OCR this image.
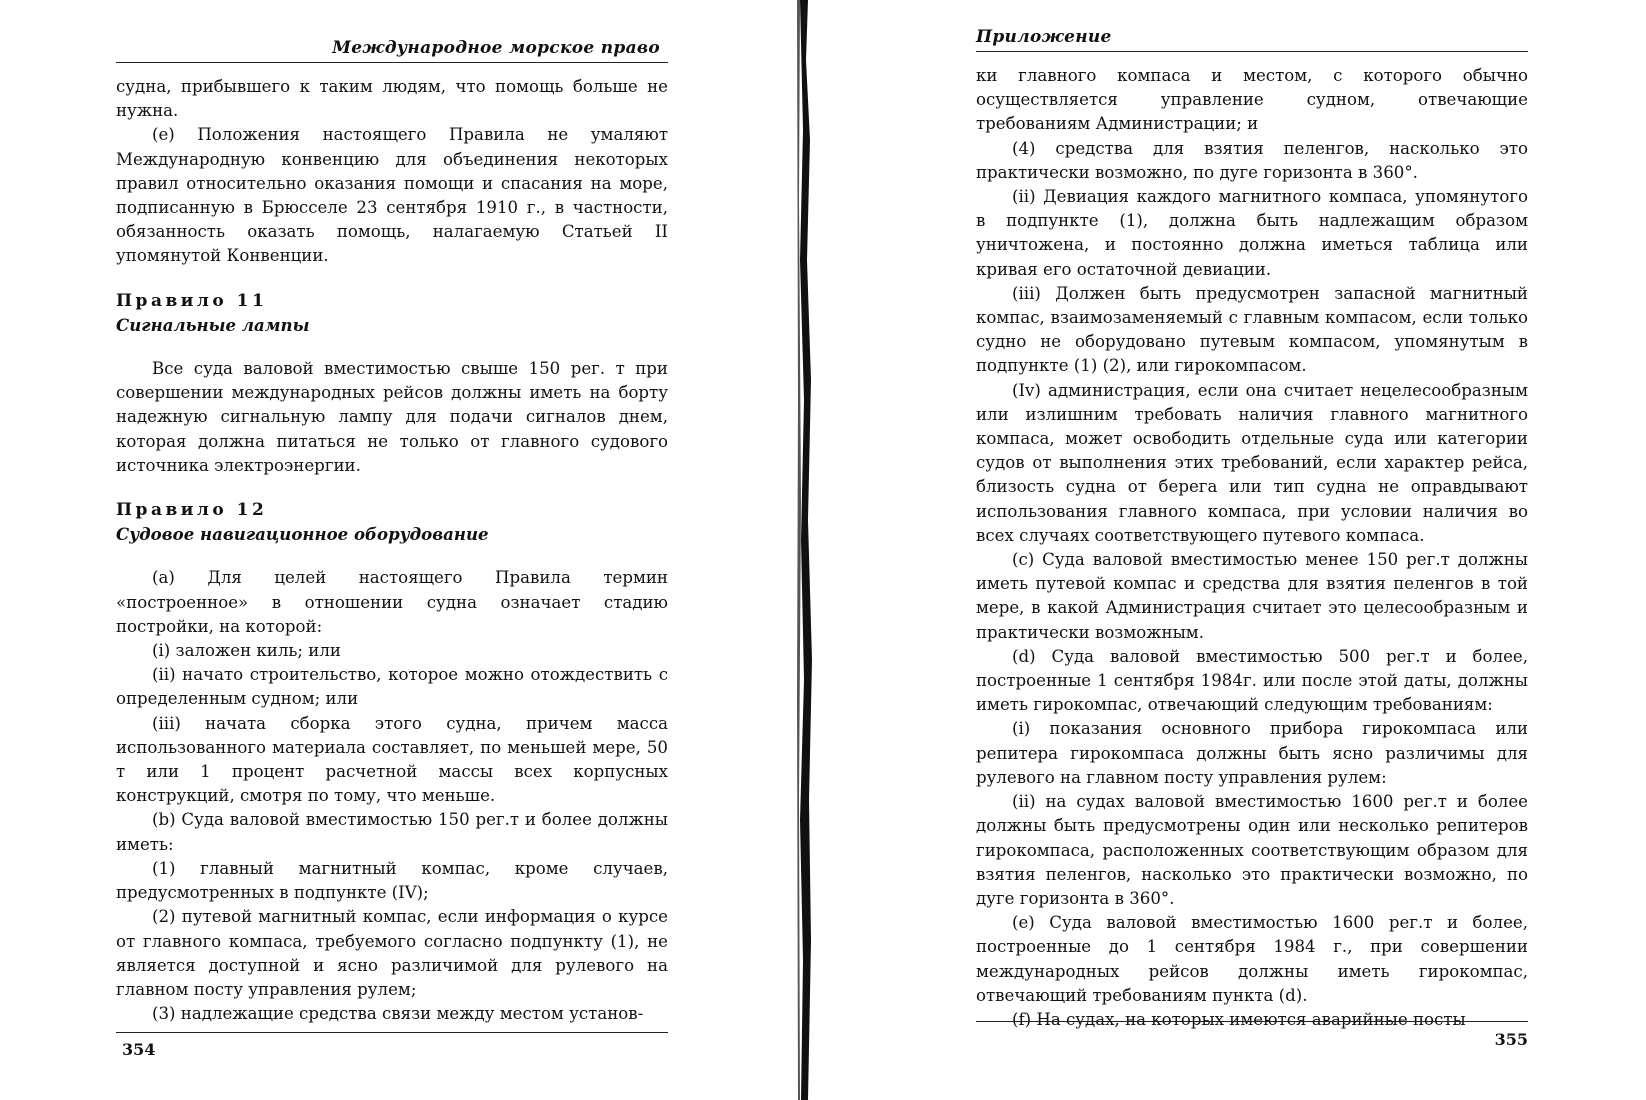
Международное морское право

судна, прибывшего к таким людям, что помощь больше не нужна.

(e) Положения настоящего Правила не умаляют Международную конвенцию для объединения некоторых правил относительно оказания помощи и спасания на море, подписанную в Брюсселе 23 сентября 1910 г., в частности, обязанность оказать помощь, налагаемую Статьей II упомянутой Конвенции.

Правило 11

Сигнальные лампы

Все суда валовой вместимостью свыше 150 рег. т при совершении международных рейсов должны иметь на борту надежную сигнальную лампу для подачи сигналов днем, которая должна питаться не только от главного судового источника электроэнергии.

Правило 12

Судовое навигационное оборудование

(a) Для целей настоящего Правила термин «построенное» в отношении судна означает стадию постройки, на которой:

(i) заложен киль; или

(ii) начато строительство, которое можно отождествить с определенным судном; или

(iii) начата сборка этого судна, причем масса использованного материала составляет, по меньшей мере, 50 т или 1 процент расчетной массы всех корпусных конструкций, смотря по тому, что меньше.

(b) Суда валовой вместимостью 150 рег.т и более должны иметь:

(1) главный магнитный компас, кроме случаев, предусмотренных в подпункте (IV);

(2) путевой магнитный компас, если информация о курсе от главного компаса, требуемого согласно подпункту (1), не является доступной и ясно различимой для рулевого на главном посту управления рулем;

(3) надлежащие средства связи между местом установ-

354
Приложение

ки главного компаса и местом, с которого обычно осуществляется управление судном, отвечающие требованиям Администрации; и

(4) средства для взятия пеленгов, насколько это практически возможно, по дуге горизонта в 360°.

(ii) Девиация каждого магнитного компаса, упомянутого в подпункте (1), должна быть надлежащим образом уничтожена, и постоянно должна иметься таблица или кривая его остаточной девиации.

(iii) Должен быть предусмотрен запасной магнитный компас, взаимозаменяемый с главным компасом, если только судно не оборудовано путевым компасом, упомянутым в подпункте (1) (2), или гирокомпасом.

(Iv) администрация, если она считает нецелесообразным или излишним требовать наличия главного магнитного компаса, может освободить отдельные суда или категории судов от выполнения этих требований, если характер рейса, близость судна от берега или тип судна не оправдывают использования главного компаса, при условии наличия во всех случаях соответствующего путевого компаса.

(c) Суда валовой вместимостью менее 150 рег.т должны иметь путевой компас и средства для взятия пеленгов в той мере, в какой Администрация считает это целесообразным и практически возможным.

(d) Суда валовой вместимостью 500 рег.т и более, построенные 1 сентября 1984г. или после этой даты, должны иметь гирокомпас, отвечающий следующим требованиям:

(i) показания основного прибора гирокомпаса или репитера гирокомпаса должны быть ясно различимы для рулевого на главном посту управления рулем:

(ii) на судах валовой вместимостью 1600 рег.т и более должны быть предусмотрены один или несколько репитеров гирокомпаса, расположенных соответствующим образом для взятия пеленгов, насколько это практически возможно, по дуге горизонта в 360°.

(e) Суда валовой вместимостью 1600 рег.т и более, построенные до 1 сентября 1984 г., при совершении международных рейсов должны иметь гирокомпас, отвечающий требованиям пункта (d).

(f) На судах, на которых имеются аварийные посты

355
